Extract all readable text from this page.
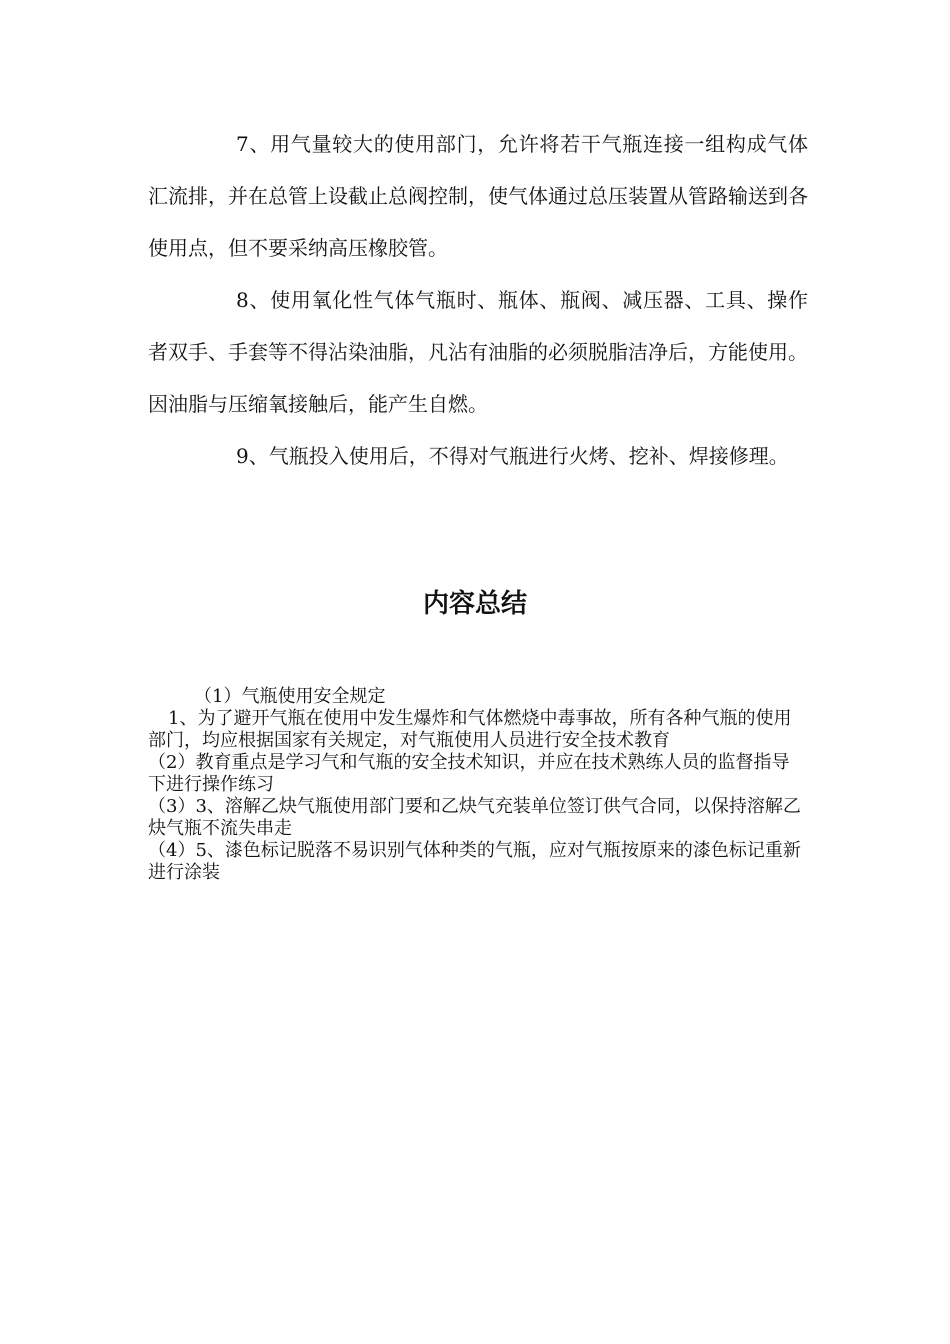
7、用气量较大的使用部门，允许将若干气瓶连接一组构成气体汇流排，并在总管上设截止总阀控制，使气体通过总压装置从管路输送到各使用点，但不要采纳高压橡胶管。

8、使用氧化性气体气瓶时、瓶体、瓶阀、减压器、工具、操作者双手、手套等不得沾染油脂，凡沾有油脂的必须脱脂洁净后，方能使用。因油脂与压缩氧接触后，能产生自燃。

9、气瓶投入使用后，不得对气瓶进行火烤、挖补、焊接修理。

内容总结

（1）气瓶使用安全规定

1、为了避开气瓶在使用中发生爆炸和气体燃烧中毒事故，所有各种气瓶的使用部门，均应根据国家有关规定，对气瓶使用人员进行安全技术教育

（2）教育重点是学习气和气瓶的安全技术知识，并应在技术熟练人员的监督指导下进行操作练习

（3）3、溶解乙炔气瓶使用部门要和乙炔气充装单位签订供气合同，以保持溶解乙炔气瓶不流失串走

（4）5、漆色标记脱落不易识别气体种类的气瓶，应对气瓶按原来的漆色标记重新进行涂装
